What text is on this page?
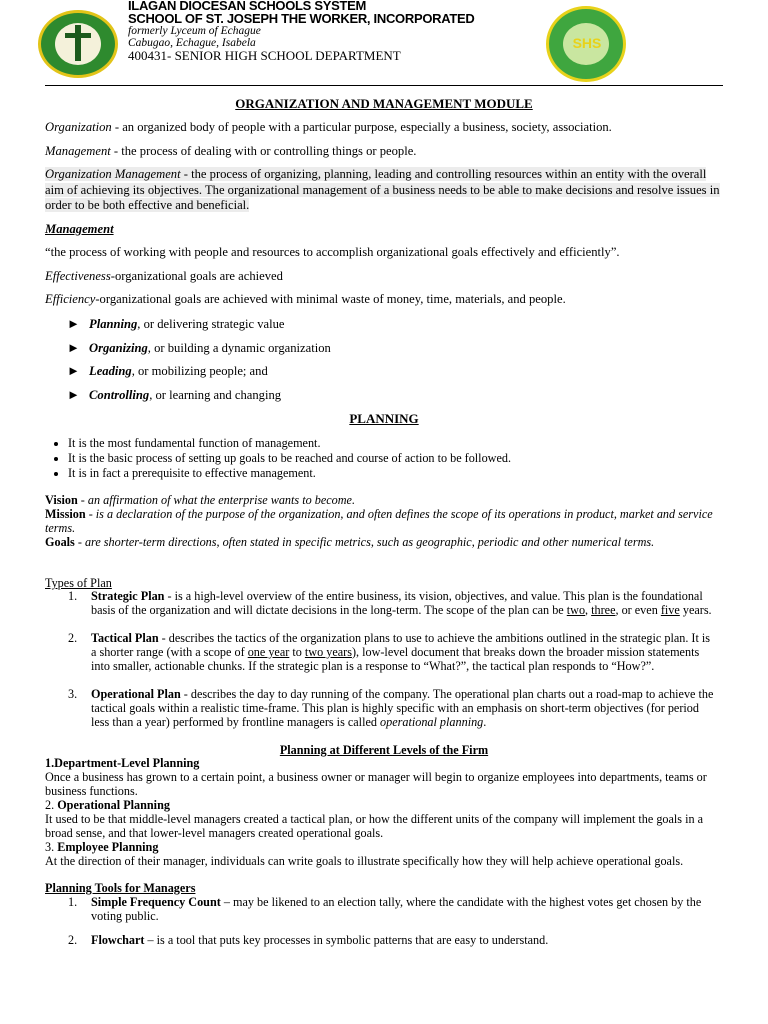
SHS
ILAGAN DIOCESAN SCHOOLS SYSTEM
SCHOOL OF ST. JOSEPH THE WORKER, INCORPORATED
formerly Lyceum of Echague
Cabugao, Echague, Isabela
400431- SENIOR HIGH SCHOOL DEPARTMENT
ORGANIZATION AND MANAGEMENT MODULE
Organization - an organized body of people with a particular purpose, especially a business, society, association.
Management - the process of dealing with or controlling things or people.
Organization Management - the process of organizing, planning, leading and controlling resources within an entity with the overall aim of achieving its objectives. The organizational management of a business needs to be able to make decisions and resolve issues in order to be both effective and beneficial.
Management
“the process of working with people and resources to accomplish organizational goals effectively and efficiently”.
Effectiveness-organizational goals are achieved
Efficiency-organizational goals are achieved with minimal waste of money, time, materials, and people.
► Planning, or delivering strategic value
► Organizing, or building a dynamic organization
► Leading, or mobilizing people; and
► Controlling, or learning and changing
PLANNING
• It is the most fundamental function of management.
• It is the basic process of setting up goals to be reached and course of action to be followed.
• It is in fact a prerequisite to effective management.
Vision - an affirmation of what the enterprise wants to become.
Mission - is a declaration of the purpose of the organization, and often defines the scope of its operations in product, market and service terms.
Goals - are shorter-term directions, often stated in specific metrics, such as geographic, periodic and other numerical terms.
Types of Plan
1. Strategic Plan - is a high-level overview of the entire business, its vision, objectives, and value. This plan is the foundational basis of the organization and will dictate decisions in the long-term. The scope of the plan can be two, three, or even five years.
2. Tactical Plan - describes the tactics of the organization plans to use to achieve the ambitions outlined in the strategic plan. It is a shorter range (with a scope of one year to two years), low-level document that breaks down the broader mission statements into smaller, actionable chunks. If the strategic plan is a response to “What?”, the tactical plan responds to “How?”.
3. Operational Plan - describes the day to day running of the company. The operational plan charts out a road-map to achieve the tactical goals within a realistic time-frame. This plan is highly specific with an emphasis on short-term objectives (for period less than a year) performed by frontline managers is called operational planning.
Planning at Different Levels of the Firm
1.Department-Level Planning
Once a business has grown to a certain point, a business owner or manager will begin to organize employees into departments, teams or business functions.
2. Operational Planning
It used to be that middle-level managers created a tactical plan, or how the different units of the company will implement the goals in a broad sense, and that lower-level managers created operational goals.
3. Employee Planning
At the direction of their manager, individuals can write goals to illustrate specifically how they will help achieve operational goals.
Planning Tools for Managers
1. Simple Frequency Count – may be likened to an election tally, where the candidate with the highest votes get chosen by the voting public.
2. Flowchart – is a tool that puts key processes in symbolic patterns that are easy to understand.
